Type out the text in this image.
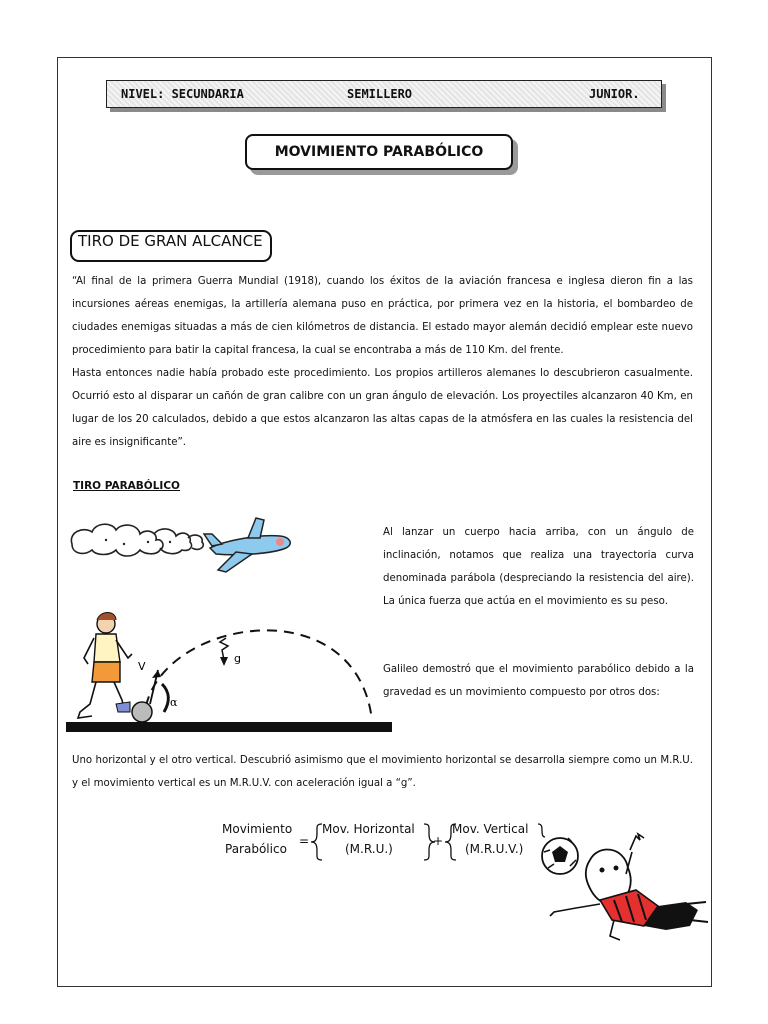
NIVEL: SECUNDARIA	SEMILLERO	JUNIOR.
MOVIMIENTO PARABÓLICO
TIRO DE GRAN ALCANCE
“Al final de la primera Guerra Mundial (1918), cuando los éxitos de la aviación francesa e inglesa dieron fin a las incursiones aéreas enemigas, la artillería alemana puso en práctica, por primera vez en la historia, el bombardeo de ciudades enemigas situadas a más de cien kilómetros de distancia. El estado mayor alemán decidió emplear este nuevo procedimiento para batir la capital francesa, la cual se encontraba a más de 110 Km. del frente.
Hasta entonces nadie había probado este procedimiento. Los propios artilleros alemanes lo descubrieron casualmente. Ocurrió esto al disparar un cañón de gran calibre con un gran ángulo de elevación. Los proyectiles alcanzaron 40 Km, en lugar de los 20 calculados, debido a que estos alcanzaron las altas capas de la atmósfera en las cuales la resistencia del aire es insignificante”.
TIRO PARABÓLICO
Al lanzar un cuerpo hacia arriba, con un ángulo de inclinación, notamos que realiza una trayectoria curva denominada parábola (despreciando la resistencia del aire). La única fuerza que actúa en el movimiento es su peso.
Galileo demostró que el movimiento parabólico debido a la gravedad es un movimiento compuesto por otros dos:
Uno horizontal y el otro vertical. Descubrió asimismo que el movimiento horizontal se desarrolla siempre como un M.R.U. y el movimiento vertical es un M.R.U.V. con aceleración igual a “g”.
V
g
α
Movimiento
Parabólico
=
Mov. Horizontal
(M.R.U.)
+
Mov. Vertical
(M.R.U.V.)
